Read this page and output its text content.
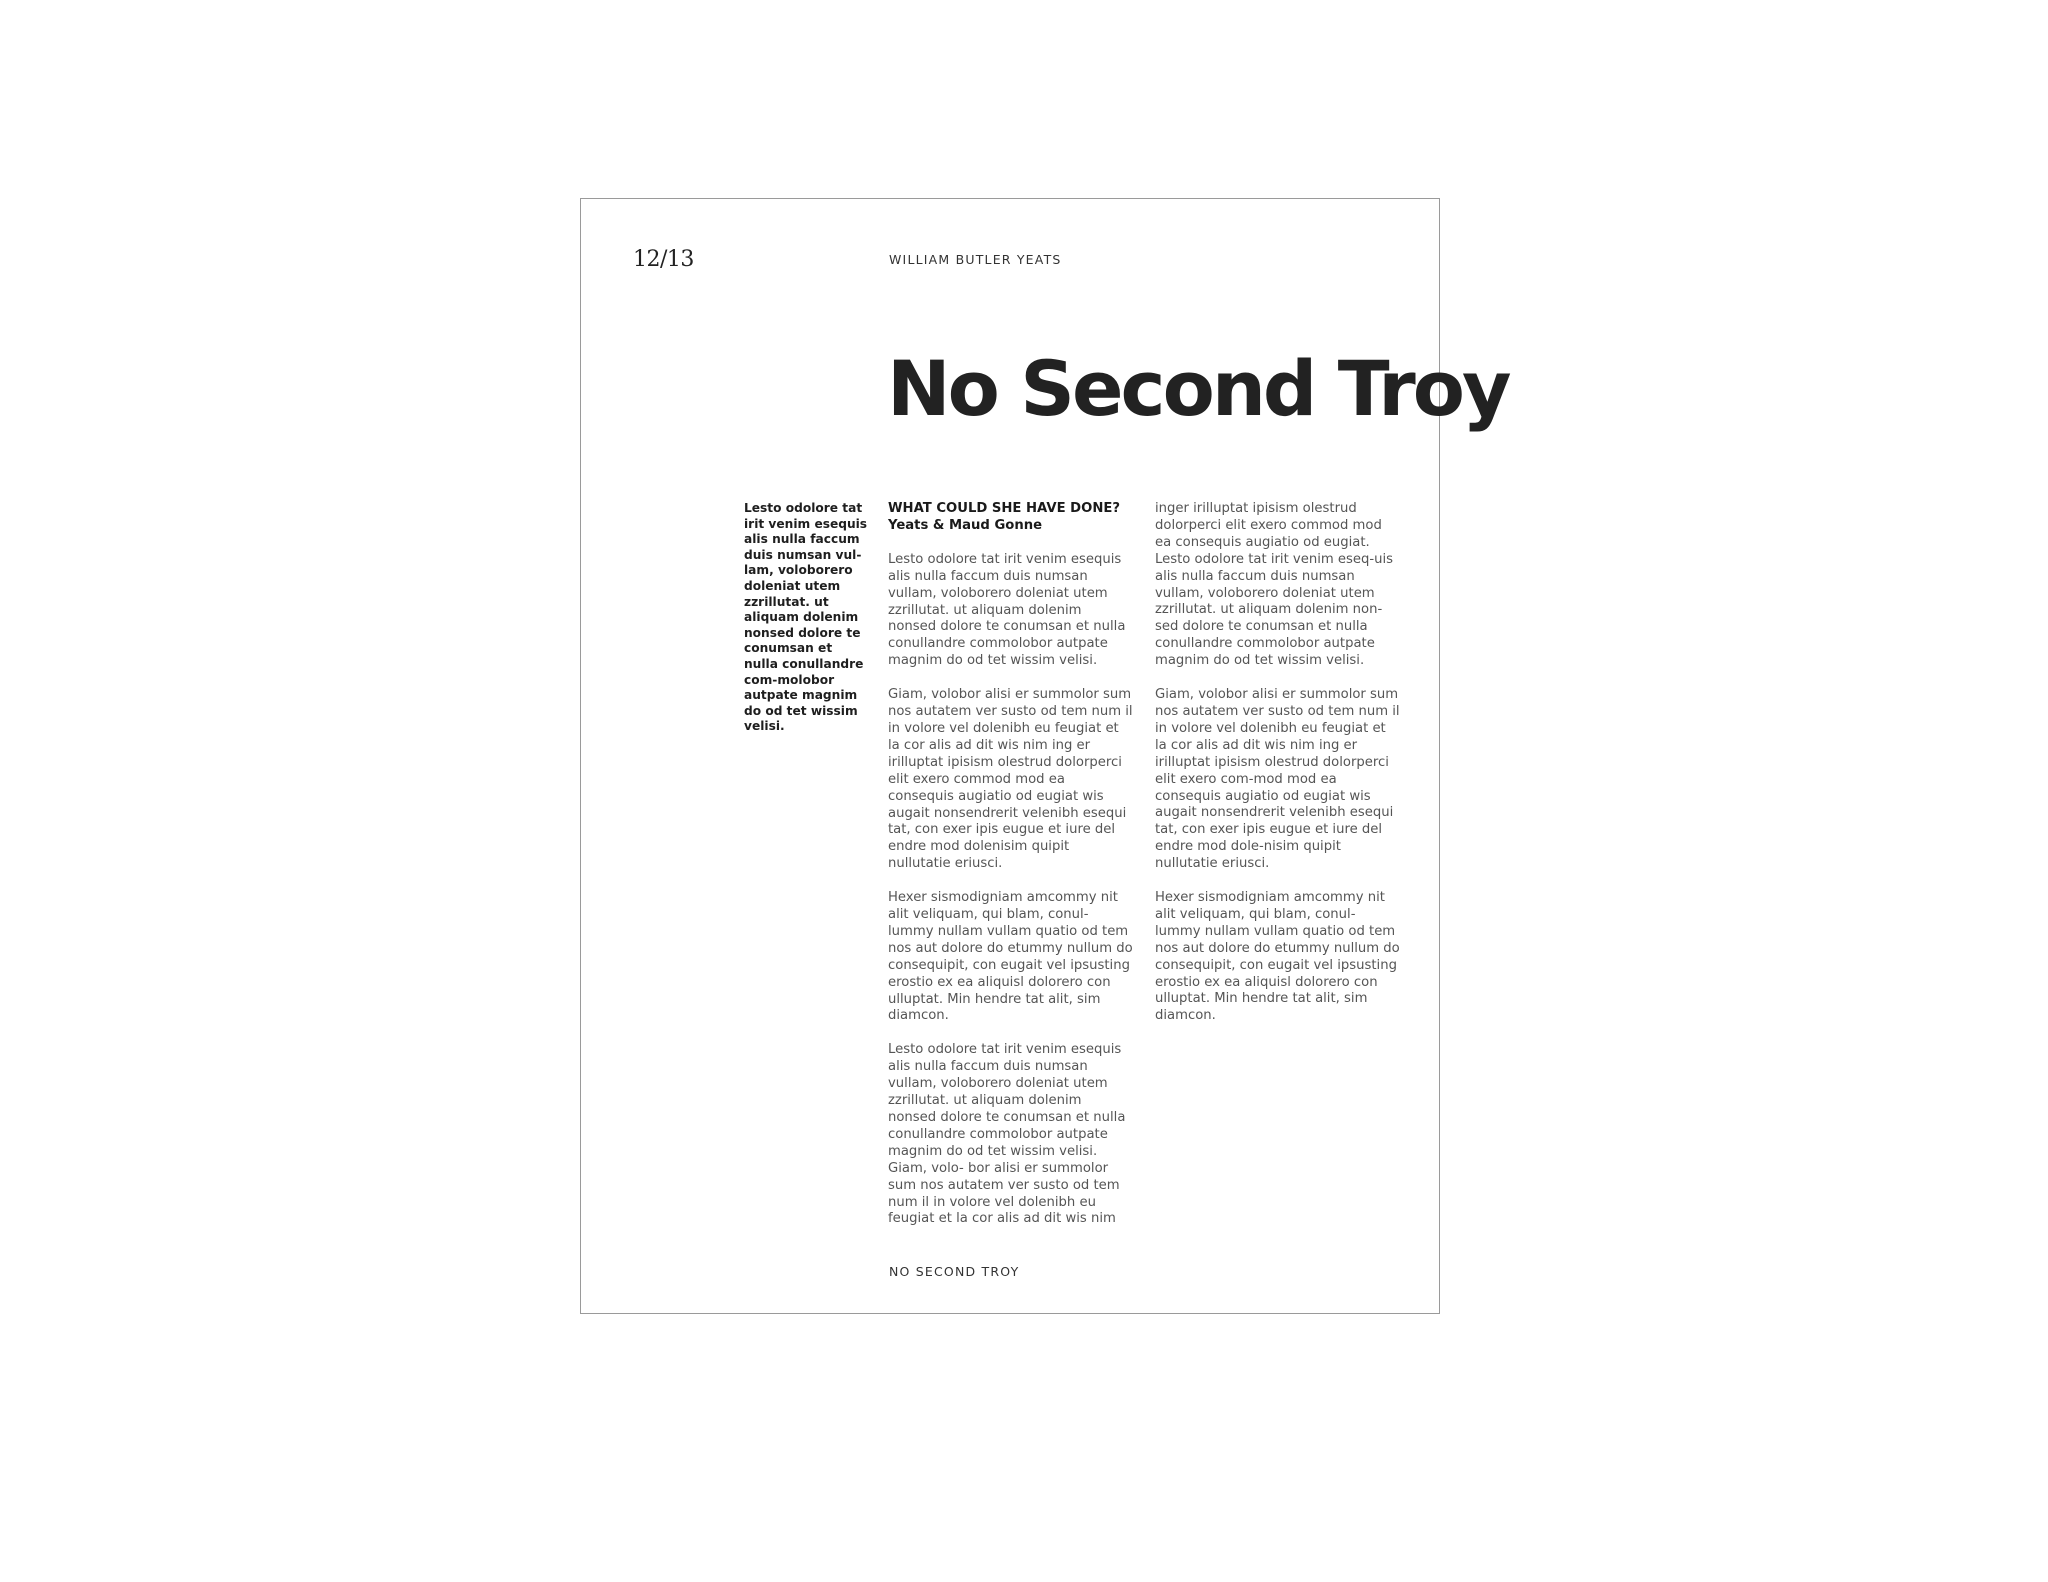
12/13	WILLIAM BUTLER YEATS
No Second Troy

Lesto odolore tat irit venim esequis alis nulla faccum duis numsan vul-lam, voloborero doleniat utem zzrillutat. ut aliquam dolenim nonsed dolore te conumsan et nulla conullandre com-molobor autpate magnim do od tet wissim velisi.

WHAT COULD SHE HAVE DONE?

Yeats & Maud Gonne

Lesto odolore tat irit venim esequis alis nulla faccum duis numsan vullam, voloborero doleniat utem zzrillutat. ut aliquam dolenim nonsed dolore te conumsan et nulla conullandre commolobor autpate magnim do od tet wissim velisi.

Giam, volobor alisi er summolor sum nos autatem ver susto od tem num il in volore vel dolenibh eu feugiat et la cor alis ad dit wis nim ing er irilluptat ipisism olestrud dolorperci elit exero commod mod ea consequis augiatio od eugiat wis augait nonsendrerit velenibh esequi tat, con exer ipis eugue et iure del endre mod dolenisim quipit nullutatie eriusci.

Hexer sismodigniam amcommy nit alit veliquam, qui blam, conul-lummy nullam vullam quatio od tem nos aut dolore do etummy nullum do consequipit, con eugait vel ipsusting erostio ex ea aliquisl dolorero con ulluptat. Min hendre tat alit, sim diamcon.

Lesto odolore tat irit venim esequis alis nulla faccum duis numsan vullam, voloborero doleniat utem zzrillutat. ut aliquam dolenim nonsed dolore te conumsan et nulla conullandre commolobor autpate magnim do od tet wissim velisi. Giam, volo- bor alisi er summolor sum nos autatem ver susto od tem num il in volore vel dolenibh eu feugiat et la cor alis ad dit wis nim

inger irilluptat ipisism olestrud dolorperci elit exero commod mod ea consequis augiatio od eugiat. Lesto odolore tat irit venim eseq-uis alis nulla faccum duis numsan vullam, voloborero doleniat utem zzrillutat. ut aliquam dolenim non-sed dolore te conumsan et nulla conullandre commolobor autpate magnim do od tet wissim velisi.

Giam, volobor alisi er summolor sum nos autatem ver susto od tem num il in volore vel dolenibh eu feugiat et la cor alis ad dit wis nim ing er irilluptat ipisism olestrud dolorperci elit exero com-mod mod ea consequis augiatio od eugiat wis augait nonsendrerit velenibh esequi tat, con exer ipis eugue et iure del endre mod dole-nisim quipit nullutatie eriusci.

Hexer sismodigniam amcommy nit alit veliquam, qui blam, conul-lummy nullam vullam quatio od tem nos aut dolore do etummy nullum do consequipit, con eugait vel ipsusting erostio ex ea aliquisl dolorero con ulluptat. Min hendre tat alit, sim diamcon.

NO SECOND TROY
